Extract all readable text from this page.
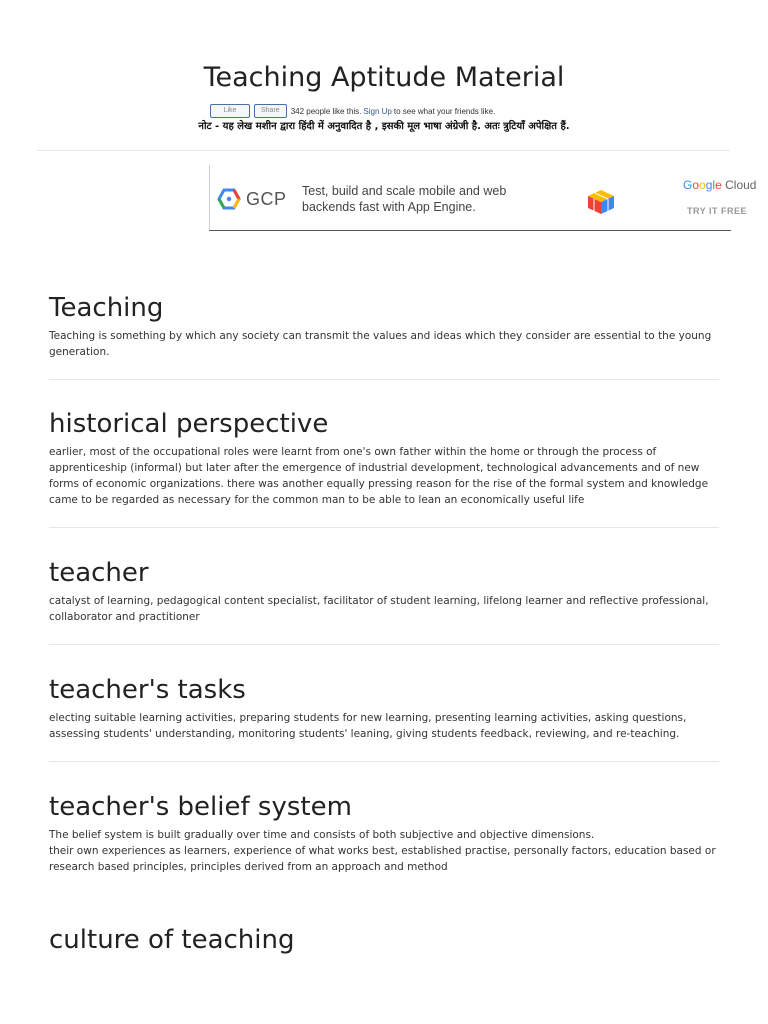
Teaching Aptitude Material
Like	Share	342 people like this. Sign Up to see what your friends like.
नोट - यह लेख मशीन द्वारा हिंदी में अनुवादित है , इसकी मूल भाषा अंग्रेजी है. अतः त्रुटियाँ अपेक्षित हैं.
GCP Test, build and scale mobile and web backends fast with App Engine.
Google Cloud
TRY IT FREE
Teaching

Teaching is something by which any society can transmit the values and ideas which they consider are essential to the young generation.

historical perspective

earlier, most of the occupational roles were learnt from one's own father within the home or through the process of apprenticeship (informal) but later after the emergence of industrial development, technological advancements and of new forms of economic organizations. there was another equally pressing reason for the rise of the formal system and knowledge came to be regarded as necessary for the common man to be able to lean an economically useful life

teacher

catalyst of learning, pedagogical content specialist, facilitator of student learning, lifelong learner and reflective professional, collaborator and practitioner

teacher's tasks

electing suitable learning activities, preparing students for new learning, presenting learning activities, asking questions, assessing students' understanding, monitoring students' leaning, giving students feedback, reviewing, and re-teaching.

teacher's belief system

The belief system is built gradually over time and consists of both subjective and objective dimensions.

their own experiences as learners, experience of what works best, established practise, personally factors, education based or research based principles, principles derived from an approach and method

culture of teaching
